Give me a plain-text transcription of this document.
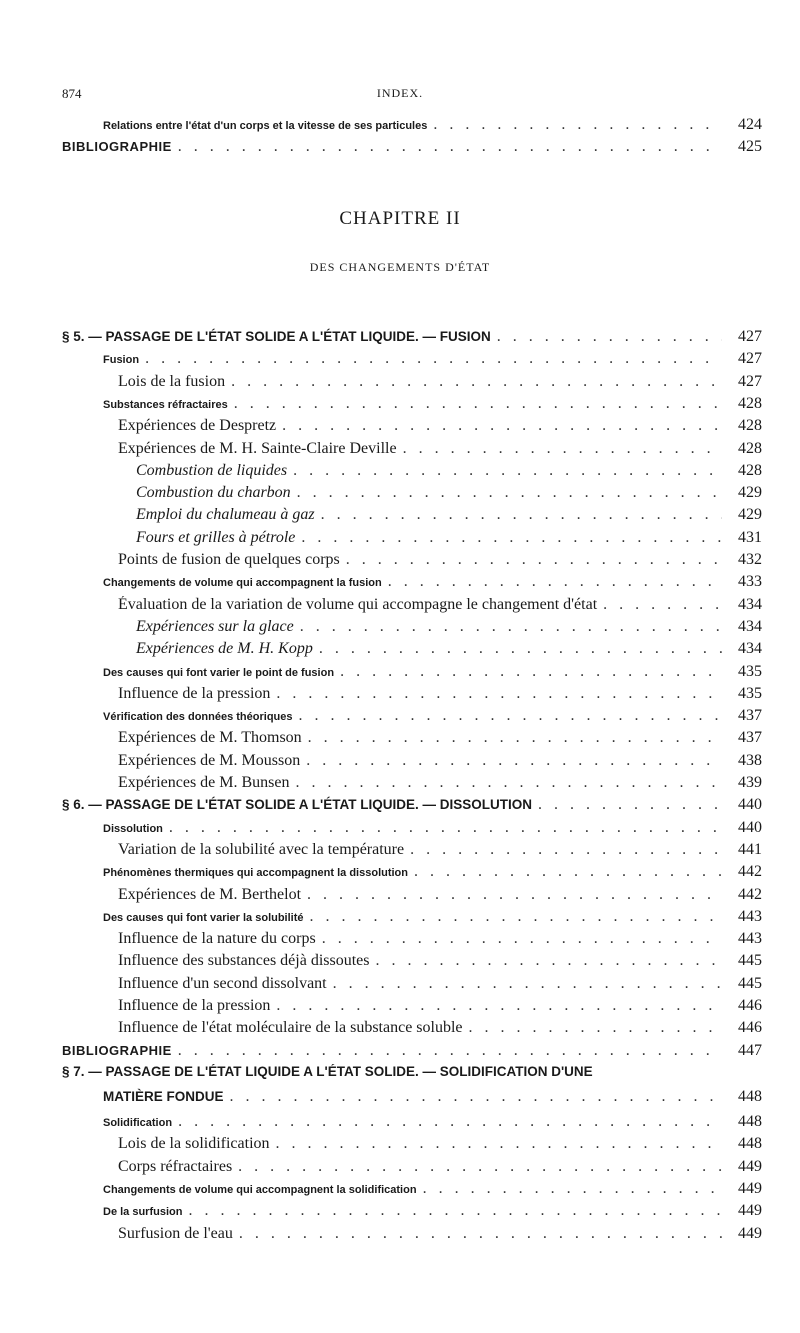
874	INDEX.
Relations entre l'état d'un corps et la vitesse de ses particules . . .	424
BIBLIOGRAPHIE . . .	425
CHAPITRE II
DES CHANGEMENTS D'ÉTAT
§ 5. — PASSAGE DE L'ÉTAT SOLIDE A L'ÉTAT LIQUIDE. — FUSION . . .	427
Fusion . . .	427
Lois de la fusion . . .	427
Substances réfractaires . . .	428
Expériences de Despretz . . .	428
Expériences de M. H. Sainte-Claire Deville . . .	428
Combustion de liquides . . .	428
Combustion du charbon . . .	429
Emploi du chalumeau à gaz . . .	429
Fours et grilles à pétrole . . .	431
Points de fusion de quelques corps . . .	432
Changements de volume qui accompagnent la fusion . . .	433
Évaluation de la variation de volume qui accompagne le changement d'état . . .	434
Expériences sur la glace . . .	434
Expériences de M. H. Kopp . . .	434
Des causes qui font varier le point de fusion . . .	435
Influence de la pression . . .	435
Vérification des données théoriques . . .	437
Expériences de M. Thomson . . .	437
Expériences de M. Mousson . . .	438
Expériences de M. Bunsen . . .	439
§ 6. — PASSAGE DE L'ÉTAT SOLIDE A L'ÉTAT LIQUIDE. — DISSOLUTION . . .	440
Dissolution . . .	440
Variation de la solubilité avec la température . . .	441
Phénomènes thermiques qui accompagnent la dissolution . . .	442
Expériences de M. Berthelot . . .	442
Des causes qui font varier la solubilité . . .	443
Influence de la nature du corps . . .	443
Influence des substances déjà dissoutes . . .	445
Influence d'un second dissolvant . . .	445
Influence de la pression . . .	446
Influence de l'état moléculaire de la substance soluble . . .	446
BIBLIOGRAPHIE . . .	447
§ 7. — PASSAGE DE L'ÉTAT LIQUIDE A L'ÉTAT SOLIDE. — SOLIDIFICATION D'UNE
MATIÈRE FONDUE . . .	448
Solidification . . .	448
Lois de la solidification . . .	448
Corps réfractaires . . .	449
Changements de volume qui accompagnent la solidification . . .	449
De la surfusion . . .	449
Surfusion de l'eau . . .	449
